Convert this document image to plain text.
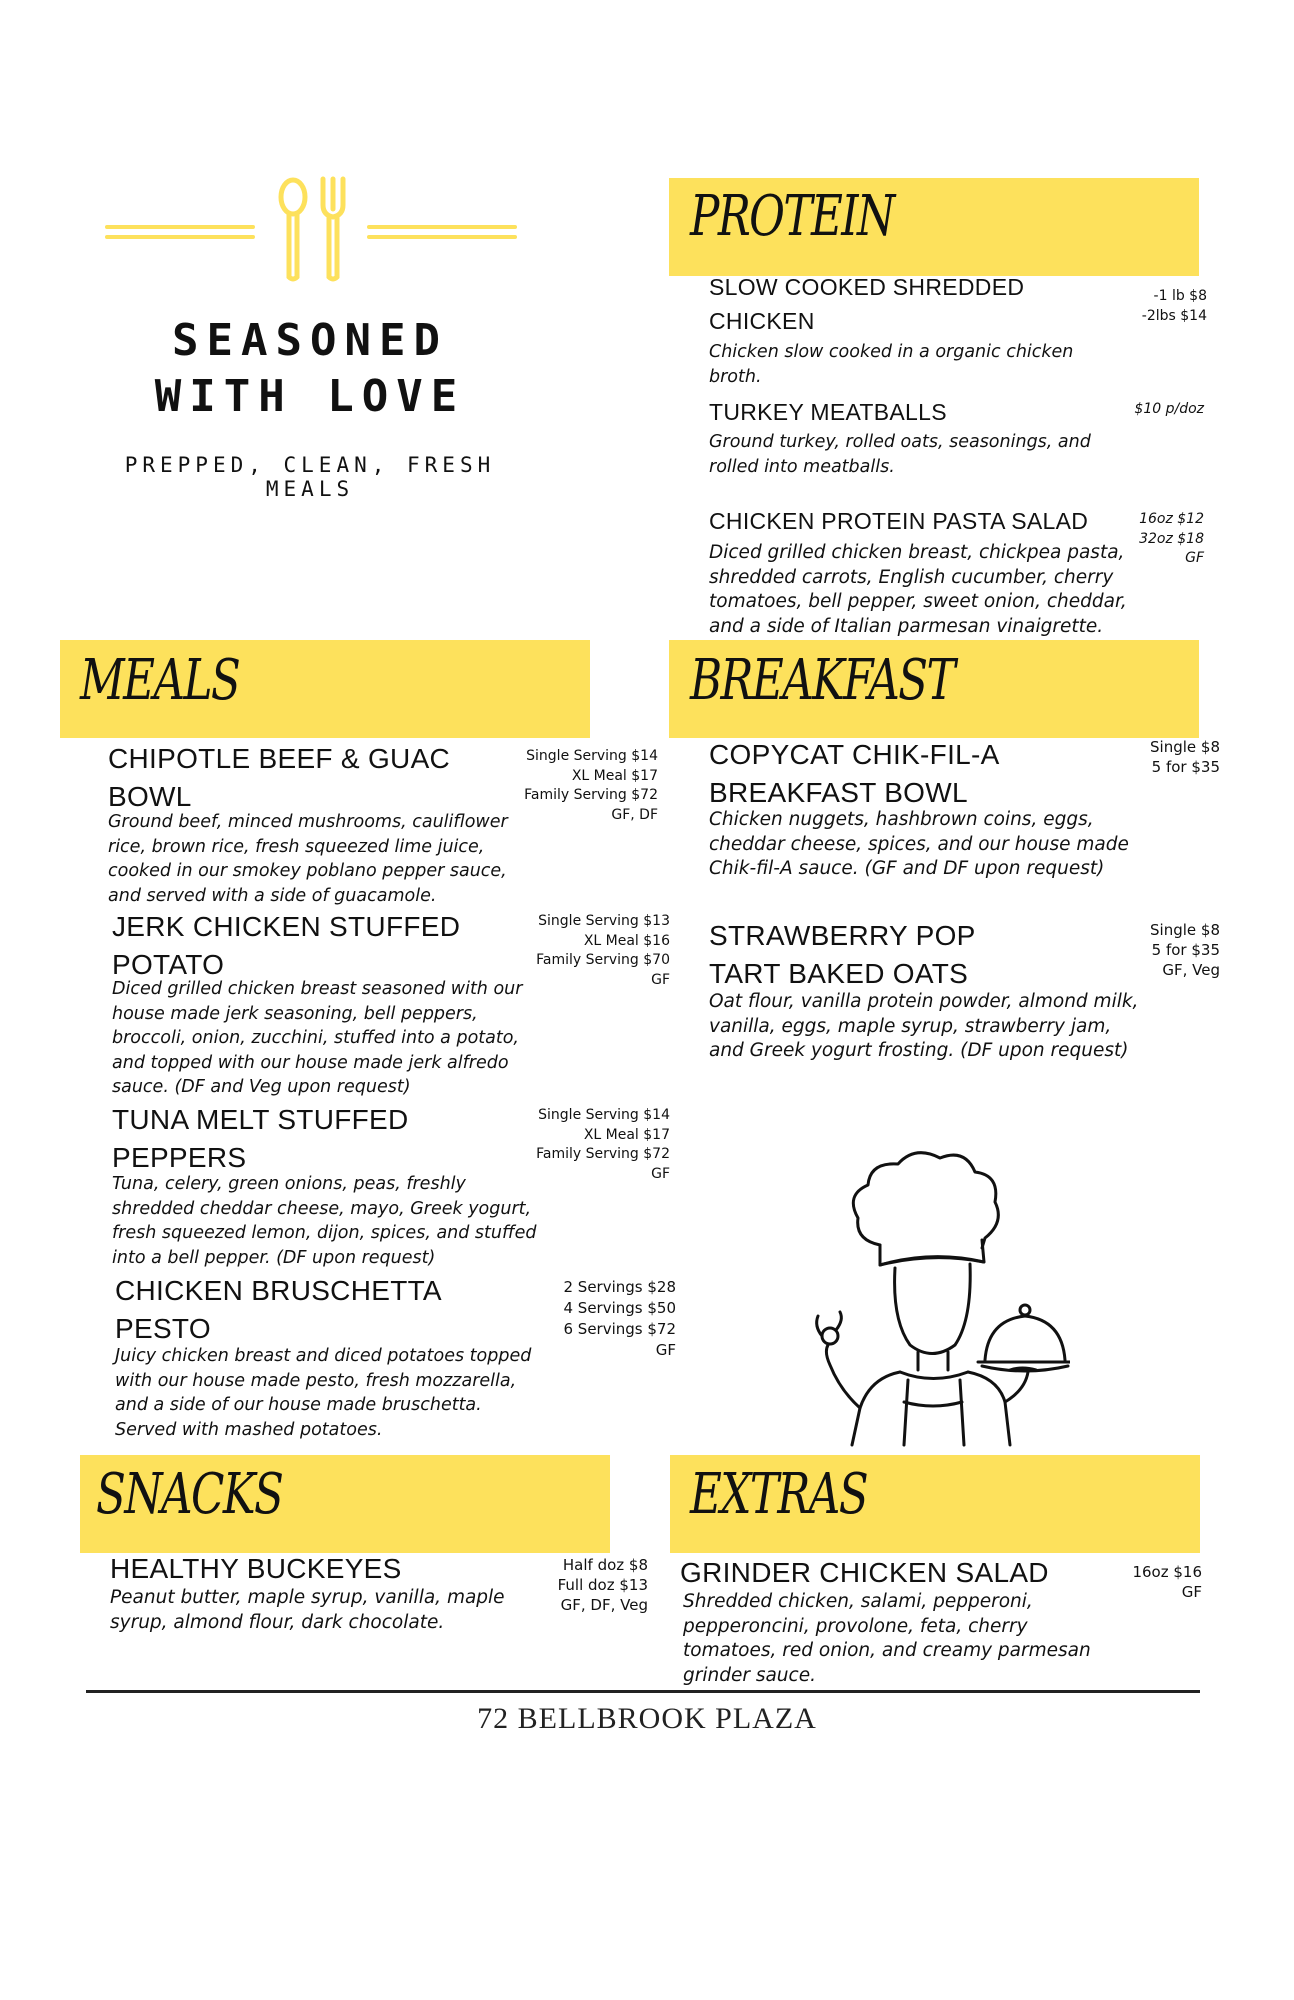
SEASONED WITH LOVE
PREPPED, CLEAN, FRESH MEALS
PROTEIN
SLOW COOKED SHREDDED CHICKEN
-1 lb $8
-2lbs $14
Chicken slow cooked in a organic chicken broth.
TURKEY MEATBALLS	$10 p/doz
Ground turkey, rolled oats, seasonings, and rolled into meatballs.
CHICKEN PROTEIN PASTA SALAD	16oz $12
32oz $18
GF
Diced grilled chicken breast, chickpea pasta, shredded carrots, English cucumber, cherry tomatoes, bell pepper, sweet onion, cheddar, and a side of Italian parmesan vinaigrette.
MEALS
CHIPOTLE BEEF & GUAC BOWL
Single Serving $14
XL Meal $17
Family Serving $72
GF, DF
Ground beef, minced mushrooms, cauliflower rice, brown rice, fresh squeezed lime juice, cooked in our smokey poblano pepper sauce, and served with a side of guacamole.
JERK CHICKEN STUFFED POTATO
Single Serving $13
XL Meal $16
Family Serving $70
GF
Diced grilled chicken breast seasoned with our house made jerk seasoning, bell peppers, broccoli, onion, zucchini, stuffed into a potato, and topped with our house made jerk alfredo sauce. (DF and Veg upon request)
TUNA MELT STUFFED PEPPERS
Single Serving $14
XL Meal $17
Family Serving $72
GF
Tuna, celery, green onions, peas, freshly shredded cheddar cheese, mayo, Greek yogurt, fresh squeezed lemon, dijon, spices, and stuffed into a bell pepper. (DF upon request)
CHICKEN BRUSCHETTA PESTO
2 Servings $28
4 Servings $50
6 Servings $72
GF
Juicy chicken breast and diced potatoes topped with our house made pesto, fresh mozzarella, and a side of our house made bruschetta. Served with mashed potatoes.
BREAKFAST
COPYCAT CHIK-FIL-A BREAKFAST BOWL
Single $8
5 for $35
Chicken nuggets, hashbrown coins, eggs, cheddar cheese, spices, and our house made Chik-fil-A sauce. (GF and DF upon request)
STRAWBERRY POP TART BAKED OATS
Single $8
5 for $35
GF, Veg
Oat flour, vanilla protein powder, almond milk, vanilla, eggs, maple syrup, strawberry jam, and Greek yogurt frosting. (DF upon request)
SNACKS
HEALTHY BUCKEYES	Half doz $8
Full doz $13
GF, DF, Veg
Peanut butter, maple syrup, vanilla, maple syrup, almond flour, dark chocolate.
EXTRAS
GRINDER CHICKEN SALAD	16oz $16
GF
Shredded chicken, salami, pepperoni, pepperoncini, provolone, feta, cherry tomatoes, red onion, and creamy parmesan grinder sauce.
72 BELLBROOK PLAZA
